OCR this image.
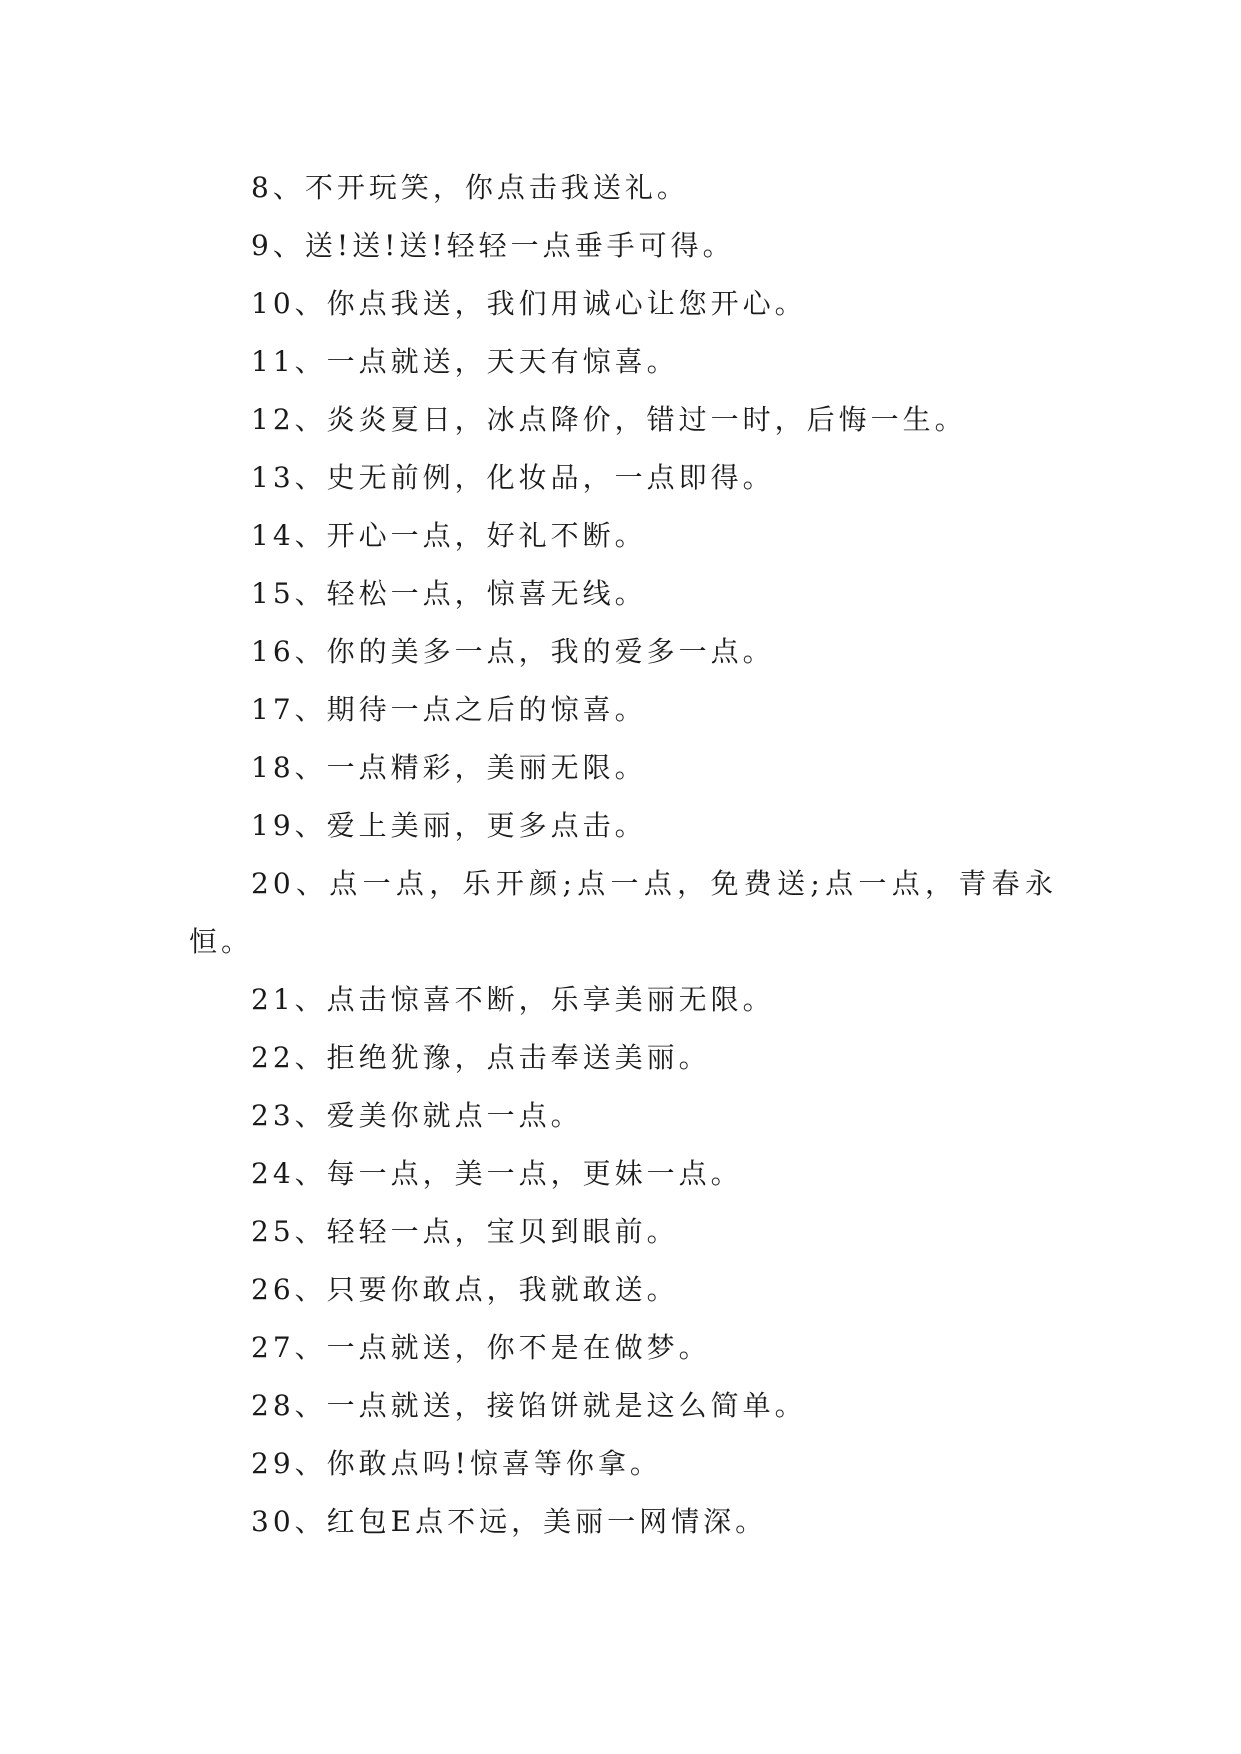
8、不开玩笑，你点击我送礼。
9、送!送!送!轻轻一点垂手可得。
10、你点我送，我们用诚心让您开心。
11、一点就送，天天有惊喜。
12、炎炎夏日，冰点降价，错过一时，后悔一生。
13、史无前例，化妆品，一点即得。
14、开心一点，好礼不断。
15、轻松一点，惊喜无线。
16、你的美多一点，我的爱多一点。
17、期待一点之后的惊喜。
18、一点精彩，美丽无限。
19、爱上美丽，更多点击。
20、点一点，乐开颜;点一点，免费送;点一点，青春永恒。
21、点击惊喜不断，乐享美丽无限。
22、拒绝犹豫，点击奉送美丽。
23、爱美你就点一点。
24、每一点，美一点，更妹一点。
25、轻轻一点，宝贝到眼前。
26、只要你敢点，我就敢送。
27、一点就送，你不是在做梦。
28、一点就送，接馅饼就是这么简单。
29、你敢点吗!惊喜等你拿。
30、红包E点不远，美丽一网情深。
